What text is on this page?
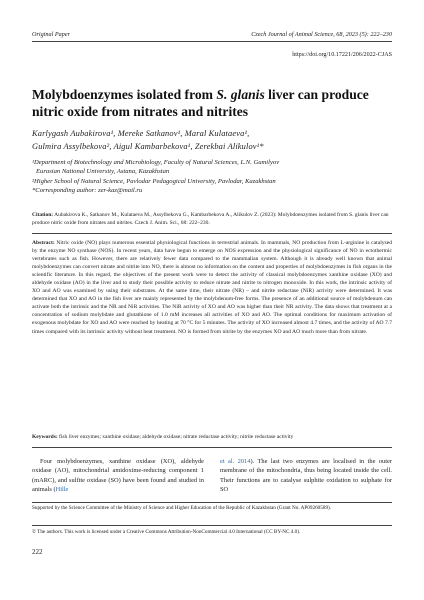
Original Paper	Czech Journal of Animal Science, 68, 2023 (5): 222–230
https://doi.org/10.17221/206/2022-CJAS
Molybdoenzymes isolated from S. glanis liver can produce nitric oxide from nitrates and nitrites
Karlygash Aubakirova¹, Mereke Satkanov¹, Maral Kulataeva¹,
Gulmira Assylbekova², Aigul Kambarbekova¹, Zerekbai Alikulov¹*
¹Department of Biotechnology and Microbiology, Faculty of Natural Sciences, L.N. Gumilyov
Eurasian National University, Astana, Kazakhstan
²Higher School of Natural Science, Pavlodar Pedagogical University, Pavlodar, Kazakhstan
*Corresponding author: zer-kaz@mail.ru

Citation: Aubakirova K., Satkanov M., Kulataeva M., Assylbekova G., Kambarbekova A., Alikulov Z. (2023): Molybdoenzymes isolated from S. glanis liver can produce nitric oxide from nitrates and nitrites. Czech J. Anim. Sci., 68: 222–230.

Abstract: Nitric oxide (NO) plays numerous essential physiological functions in terrestrial animals. In mammals, NO production from L-arginine is catalysed by the enzyme NO synthase (NOS). In recent years, data have begun to emerge on NOS expression and the physiological significance of NO in ectothermic vertebrates such as fish. However, there are relatively fewer data compared to the mammalian system. Although it is already well known that animal molybdoenzymes can convert nitrate and nitrite into NO, there is almost no information on the content and properties of molybdoenzymes in fish organs in the scientific literature. In this regard, the objectives of the present work were to detect the activity of classical molybdoenzymes xanthine oxidase (XO) and aldehyde oxidase (AO) in the liver and to study their possible activity to reduce nitrate and nitrite to nitrogen monoxide. In this work, the intrinsic activity of XO and AO was examined by using their substrates. At the same time, their nitrate (NR) – and nitrite reductase (NiR) activity were determined. It was determined that XO and AO in the fish liver are mainly represented by the molybdenum-free forms. The presence of an additional source of molybdenum can activate both the intrinsic and the NR and NiR activities. The NiR activity of XO and AO was higher than their NR activity. The data shows that treatment at a concentration of sodium molybdate and glutathione of 1.0 mM increases all activities of XO and AO. The optimal conditions for maximum activation of exogenous molybdate for XO and AO were reached by heating at 70 °C for 5 minutes. The activity of XO increased almost 4.7 times, and the activity of AO 7.7 times compared with its intrinsic activity without heat treatment. NO is formed from nitrite by the enzymes XO and AO much more than from nitrate.

Keywords: fish liver enzymes; xanthine oxidase; aldehyde oxidase; nitrate reductase activity; nitrite reductase activity

Four molybdoenzymes, xanthine oxidase (XO), aldehyde oxidase (AO), mitochondrial amidoxime-reducing component 1 (mARC), and sulfite oxidase (SO) have been found and studied in animals (Hille

et al. 2014). The last two enzymes are localised in the outer membrane of the mitochondria, thus being located inside the cell. Their functions are to catalyse sulphite oxidation to sulphate for SO

Supported by the Science Committee of the Ministry of Science and Higher Education of the Republic of Kazakhstan (Grant No. AP09260589).

© The authors. This work is licensed under a Creative Commons Attribution-NonCommercial 4.0 International (CC BY-NC 4.0).

222
